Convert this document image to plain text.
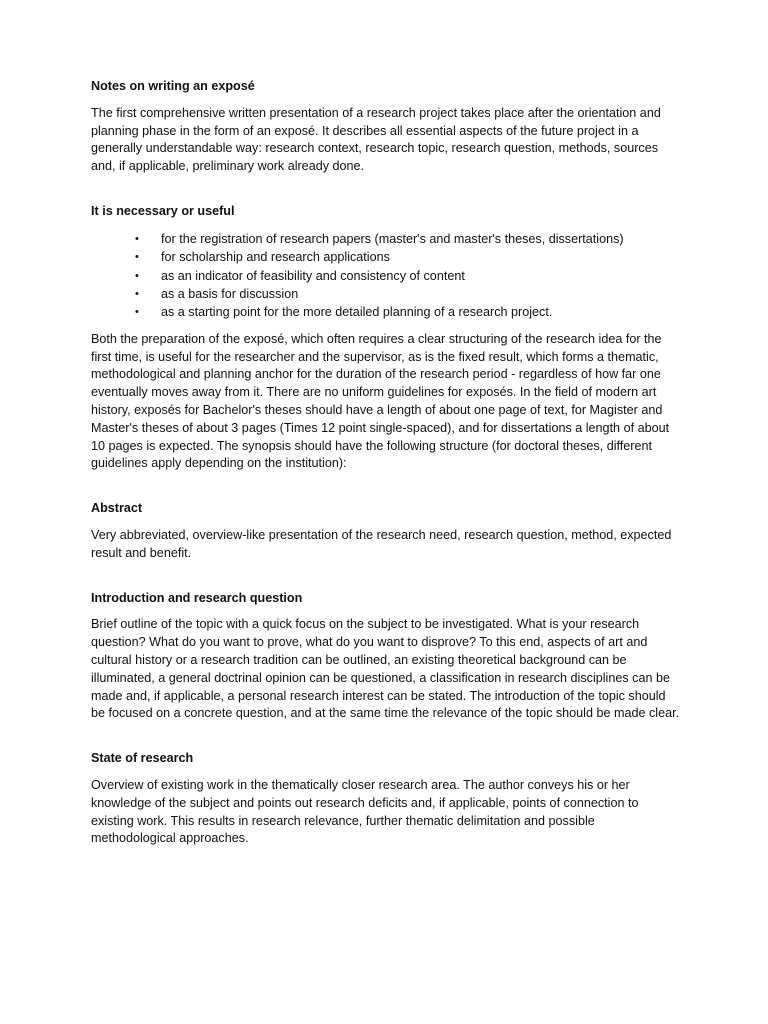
Notes on writing an exposé

The first comprehensive written presentation of a research project takes place after the orientation and planning phase in the form of an exposé. It describes all essential aspects of the future project in a generally understandable way: research context, research topic, research question, methods, sources and, if applicable, preliminary work already done.

It is necessary or useful

• for the registration of research papers (master's and master's theses, dissertations)
• for scholarship and research applications
• as an indicator of feasibility and consistency of content
• as a basis for discussion
• as a starting point for the more detailed planning of a research project.

Both the preparation of the exposé, which often requires a clear structuring of the research idea for the first time, is useful for the researcher and the supervisor, as is the fixed result, which forms a thematic, methodological and planning anchor for the duration of the research period - regardless of how far one eventually moves away from it. There are no uniform guidelines for exposés. In the field of modern art history, exposés for Bachelor's theses should have a length of about one page of text, for Magister and Master's theses of about 3 pages (Times 12 point single-spaced), and for dissertations a length of about 10 pages is expected. The synopsis should have the following structure (for doctoral theses, different guidelines apply depending on the institution):

Abstract

Very abbreviated, overview-like presentation of the research need, research question, method, expected result and benefit.

Introduction and research question

Brief outline of the topic with a quick focus on the subject to be investigated. What is your research question? What do you want to prove, what do you want to disprove? To this end, aspects of art and cultural history or a research tradition can be outlined, an existing theoretical background can be illuminated, a general doctrinal opinion can be questioned, a classification in research disciplines can be made and, if applicable, a personal research interest can be stated. The introduction of the topic should be focused on a concrete question, and at the same time the relevance of the topic should be made clear.

State of research

Overview of existing work in the thematically closer research area. The author conveys his or her knowledge of the subject and points out research deficits and, if applicable, points of connection to existing work. This results in research relevance, further thematic delimitation and possible methodological approaches.
